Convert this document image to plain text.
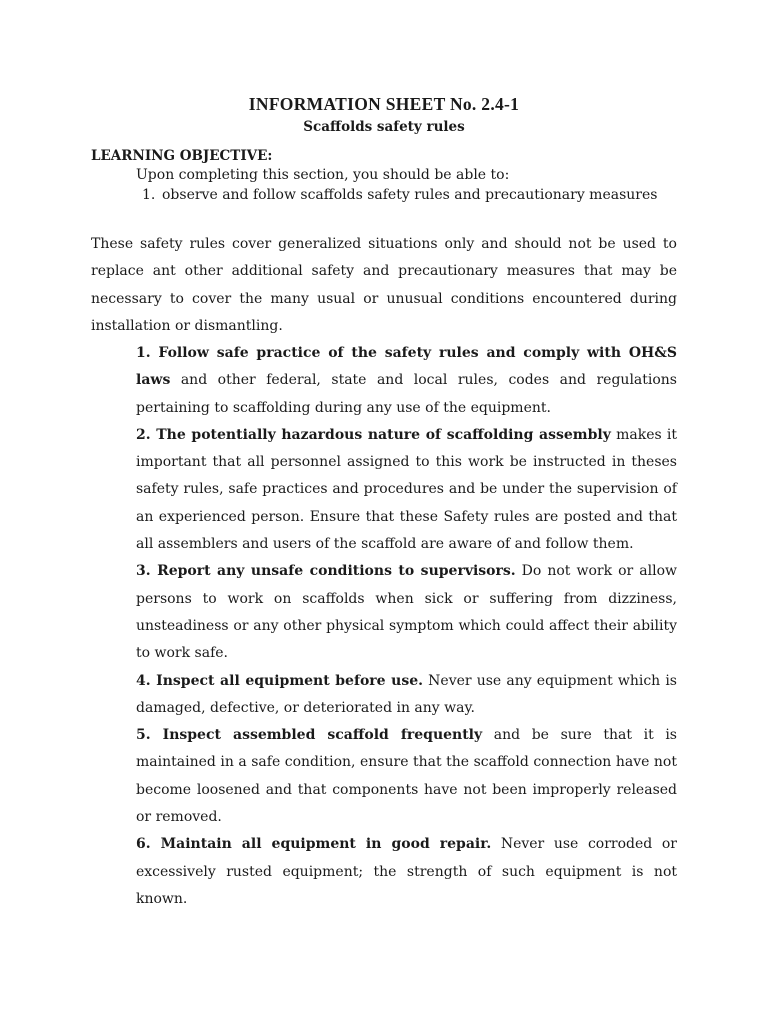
INFORMATION SHEET No. 2.4-1
Scaffolds safety rules
LEARNING OBJECTIVE:
Upon completing this section, you should be able to:
1. observe and follow scaffolds safety rules and precautionary measures

These safety rules cover generalized situations only and should not be used to replace ant other additional safety and precautionary measures that may be necessary to cover the many usual or unusual conditions encountered during installation or dismantling.

1. Follow safe practice of the safety rules and comply with OH&S laws and other federal, state and local rules, codes and regulations pertaining to scaffolding during any use of the equipment.

2. The potentially hazardous nature of scaffolding assembly makes it important that all personnel assigned to this work be instructed in theses safety rules, safe practices and procedures and be under the supervision of an experienced person. Ensure that these Safety rules are posted and that all assemblers and users of the scaffold are aware of and follow them.

3. Report any unsafe conditions to supervisors. Do not work or allow persons to work on scaffolds when sick or suffering from dizziness, unsteadiness or any other physical symptom which could affect their ability to work safe.

4. Inspect all equipment before use. Never use any equipment which is damaged, defective, or deteriorated in any way.

5. Inspect assembled scaffold frequently and be sure that it is maintained in a safe condition, ensure that the scaffold connection have not become loosened and that components have not been improperly released or removed.

6. Maintain all equipment in good repair. Never use corroded or excessively rusted equipment; the strength of such equipment is not known.
